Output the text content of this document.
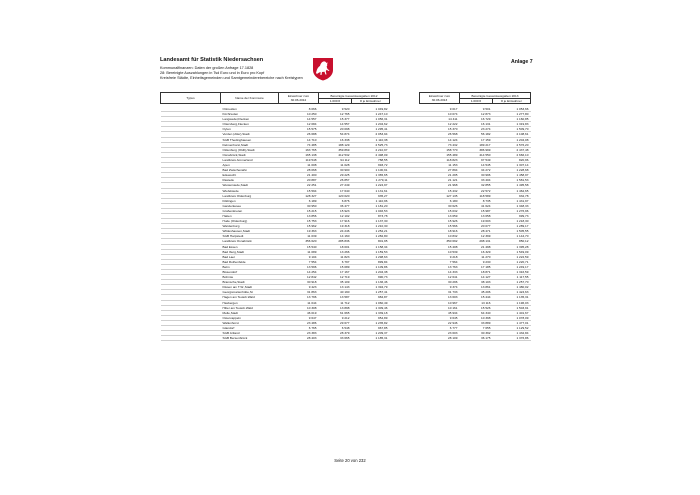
Landesamt für Statistik Niedersachsen
Kommunalfinanzen: Daten der großen Anfrage 17.1828
28: Bereinigte Auszahlungen in Tsd Euro und in Euro pro Kopf
Kreisfreie Städte, Einheitsgemeinden und Samtgemeinderebereiche nach Kreistypen
Anlage 7
Typus	Name der Kommune	Einwohner zum 30.06.2012	Bereinigte Gesamtausgaben 2012			Einwohner zum 30.06.2013	Bereinigte Gesamtausgaben 2013	
			1.000 €	€ je Einwohner			1.000 €	€ je Einwohner

	Ottmeiden	8 066	9 520	1 049,82		9 017	9 501	1 053,66
	Kirchrieden	10 250	12 765	1 247,10		10 074	12 873	1 277,80
	Langwedel,Flecken	14 557	15 377	1 056,31		14 411	16 729	1 160,85
	Ottersberg,Flecken	12 084	14 557	1 204,62		12 222	16 131	1 319,83
	Oyten	15 575	20 098	1 295,41		15 370	23 274	1 509,70
	Verden (Aller),Stadt	26 688	54 874	2 053,94		26 568	56 182	2 108,61
	SGB Thedinghausen	14 710	16 338	1 110,38		14 124	17 159	1 204,08
	Delmenhorst,Stadt	74 485	188 129	2 525,73		73 432	189 217	2 576,20
	Oldenburg (Oldb),Stadt	163 765	359 869	2 210,97		158 770	386 999	2 437,48
	Osnabrück,Stadt	165 138	412 532	2 498,09		155 489	414 550	2 666,10
	Landkreis Ammerland	119 548	94 112	788,55		118 823	97 549	820,96
	Apen	11 008	11 028	993,72		11 153	14 545	1 307,14
	Bad Zwischenahn	28 068	30 900	1 100,91		27 894	34 272	1 228,68
	Edewecht	21 400	29 225	1 365,65		21 295	30 996	1 458,97
	Rastede	20 887	26 857	1 279,11		21 121	33 404	1 581,53
	Westerstede,Stadt	22 251	27 249	1 224,97		21 968	32 855	1 495,58
	Wiefelstede	15 594	17 640	1 131,61		15 432	22 572	1 462,65
	Landkreis Oldenburg	128 327	120 020	935,27		127 135	118 589	932,78
	Dötlingen	6 189	6 876	1 110,96		6 180	8 735	1 431,97
	Ganderkesee	30 950	36 477	1 181,20		30 626	41 624	1 348,33
	Großenkneten	15 215	15 923	1 046,53		15 032	15 987	1 276,96
	Hatten	13 856	12 102	873,78		13 659	13 658	999,73
	Hude (Oldenburg)	15 753	17 916	1 137,30		15 926	19 603	1 218,30
	Wardenburg	15 962	19 318	1 210,30		15 566	20 077	1 289,17
	Wildeshausen,Stadt	19 363	24 246	1 252,21		18 916	28 471	1 505,55
	SGB Harpstedt	11 039	14 160	1 282,80		10 832	12 399	1 144,70
	Landkreis Osnabrück	356 620	285 836	801,95		350 692	298 131	850,12
	Bad Essen	15 540	18 001	1 158,34		15 408	21 498	1 395,28
	Bad Iburg,Stadt	11 089	13 266	1 159,53		10 539	16 329	1 549,09
	Bad Laer	9 104	11 823	1 298,63		9 218	11 270	1 222,59
	Bad Rothenfelde	7 554	6 797	899,84		7 564	9 230	1 220,71
	Belm	13 596	15 089	1 109,86		13 763	17 185	1 249,17
	Bissendorf	14 254	17 167	1 204,38		14 333	18 871	1 316,59
	Bohmte	12 842	12 719	990,73		12 641	14 127	1 117,55
	Bramsche,Stadt	30 918	35 109	1 136,46		30 296	38 103	1 257,70
	Dissen am T.W.,Stadt	9 423	13 143	1 394,79		9 374	13 861	1 480,02
	Georgsmarienhütte,St	31 863	40 190	1 257,41		31 733	45 206	1 424,63
	Hagen am Teutob.Wald	13 796	13 587	984,87		13 603	15 444	1 135,31
	Hasbergen	11 044	11 712	1 060,49		10 967	13 116	1 196,03
	Hilter am Teutob.Wald	10 308	13 898	1 309,46		10 161	15 526	1 503,91
	Melle,Stadt	46 019	61 665	1 339,18		45 934	64 340	1 401,67
	Ostercappeln	9 647	9 212	954,89		9 645	10 398	1 078,09
	Wallenhorst	23 486	29 677	1 235,82		22 946	33 889	1 477,01
	Glandorf	6 765	6 548	967,85		6 777	7 655	1 129,52
	SGB Artland	23 383	28 379	1 209,37		23 603	30 392	1 432,84
	SGB Bersenbrück	28 403	33 665	1 185,31		28 109	36 175	1 376,86
Seite 20 von 232
